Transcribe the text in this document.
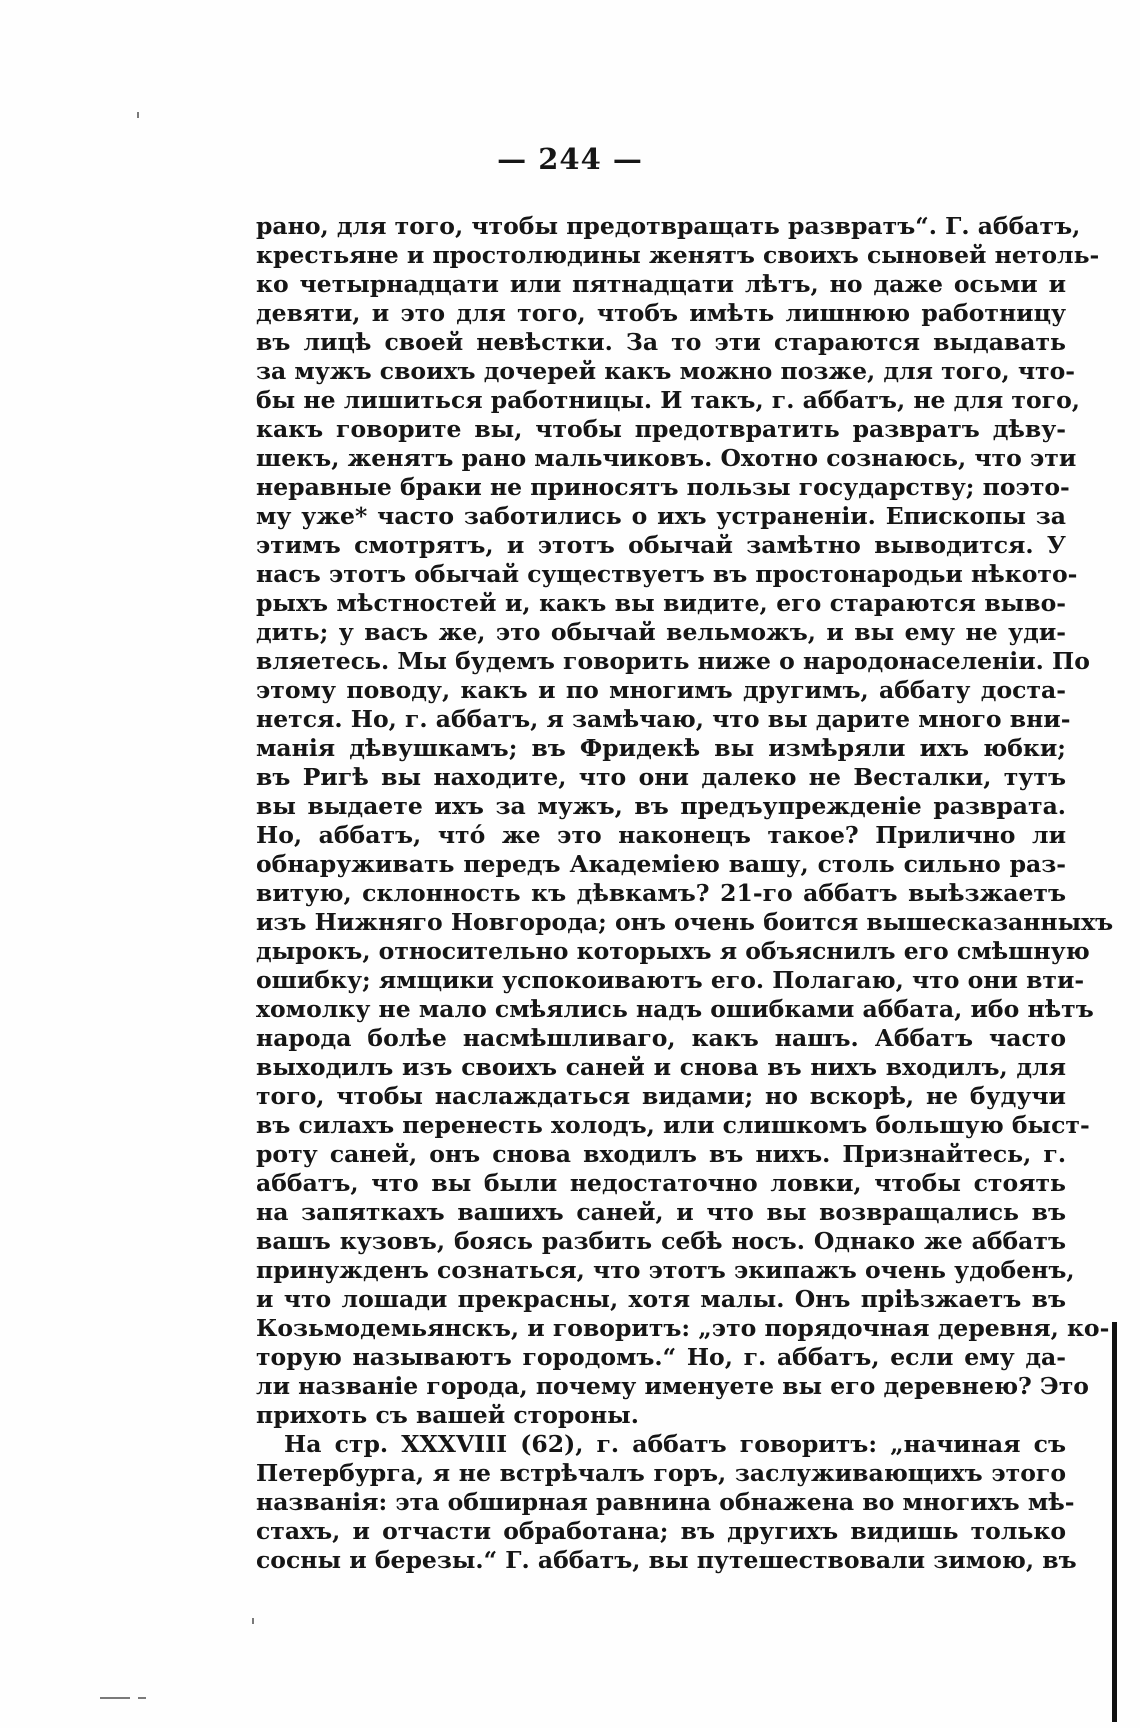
— 244 —
рано, для того, чтобы предотвращать развратъ“. Г. аббатъ,
крестьяне и простолюдины женятъ своихъ сыновей нетоль-
ко четырнадцати или пятнадцати лѣтъ, но даже осьми и
девяти, и это для того, чтобъ имѣть лишнюю работницу
въ лицѣ своей невѣстки. За то эти стараются выдавать
за мужъ своихъ дочерей какъ можно позже, для того, что-
бы не лишиться работницы. И такъ, г. аббатъ, не для того,
какъ говорите вы, чтобы предотвратить развратъ дѣву-
шекъ, женятъ рано мальчиковъ. Охотно сознаюсь, что эти
неравные браки не приносятъ пользы государству; поэто-
му уже* часто заботились о ихъ устраненіи. Епископы за
этимъ смотрятъ, и этотъ обычай замѣтно выводится. У
насъ этотъ обычай существуетъ въ простонародьи нѣкото-
рыхъ мѣстностей и, какъ вы видите, его стараются выво-
дить; у васъ же, это обычай вельможъ, и вы ему не уди-
вляетесь. Мы будемъ говорить ниже о народонаселеніи. По
этому поводу, какъ и по многимъ другимъ, аббату доста-
нется. Но, г. аббатъ, я замѣчаю, что вы дарите много вни-
манія дѣвушкамъ; въ Фридекѣ вы измѣряли ихъ юбки;
въ Ригѣ вы находите, что они далеко не Весталки, тутъ
вы выдаете ихъ за мужъ, въ предъупрежденіе разврата.
Но, аббатъ, что́ же это наконецъ такое? Прилично ли
обнаруживать передъ Академіею вашу, столь сильно раз-
витую, склонность къ дѣвкамъ? 21-го аббатъ выѣзжаетъ
изъ Нижняго Новгорода; онъ очень боится вышесказанныхъ
дырокъ, относительно которыхъ я объяснилъ его смѣшную
ошибку; ямщики успокоиваютъ его. Полагаю, что они вти-
хомолку не мало смѣялись надъ ошибками аббата, ибо нѣтъ
народа болѣе насмѣшливаго, какъ нашъ. Аббатъ часто
выходилъ изъ своихъ саней и снова въ нихъ входилъ, для
того, чтобы наслаждаться видами; но вскорѣ, не будучи
въ силахъ перенесть холодъ, или слишкомъ большую быст-
роту саней, онъ снова входилъ въ нихъ. Признайтесь, г.
аббатъ, что вы были недостаточно ловки, чтобы стоять
на запяткахъ вашихъ саней, и что вы возвращались въ
вашъ кузовъ, боясь разбить себѣ носъ. Однако же аббатъ
принужденъ сознаться, что этотъ экипажъ очень удобенъ,
и что лошади прекрасны, хотя малы. Онъ пріѣзжаетъ въ
Козьмодемьянскъ, и говоритъ: „это порядочная деревня, ко-
торую называютъ городомъ.“ Но, г. аббатъ, если ему да-
ли названіе города, почему именуете вы его деревнею? Это
прихоть съ вашей стороны.
На стр. XXXVIII (62), г. аббатъ говоритъ: „начиная съ
Петербурга, я не встрѣчалъ горъ, заслуживающихъ этого
названія: эта обширная равнина обнажена во многихъ мѣ-
стахъ, и отчасти обработана; въ другихъ видишь только
сосны и березы.“ Г. аббатъ, вы путешествовали зимою, въ
